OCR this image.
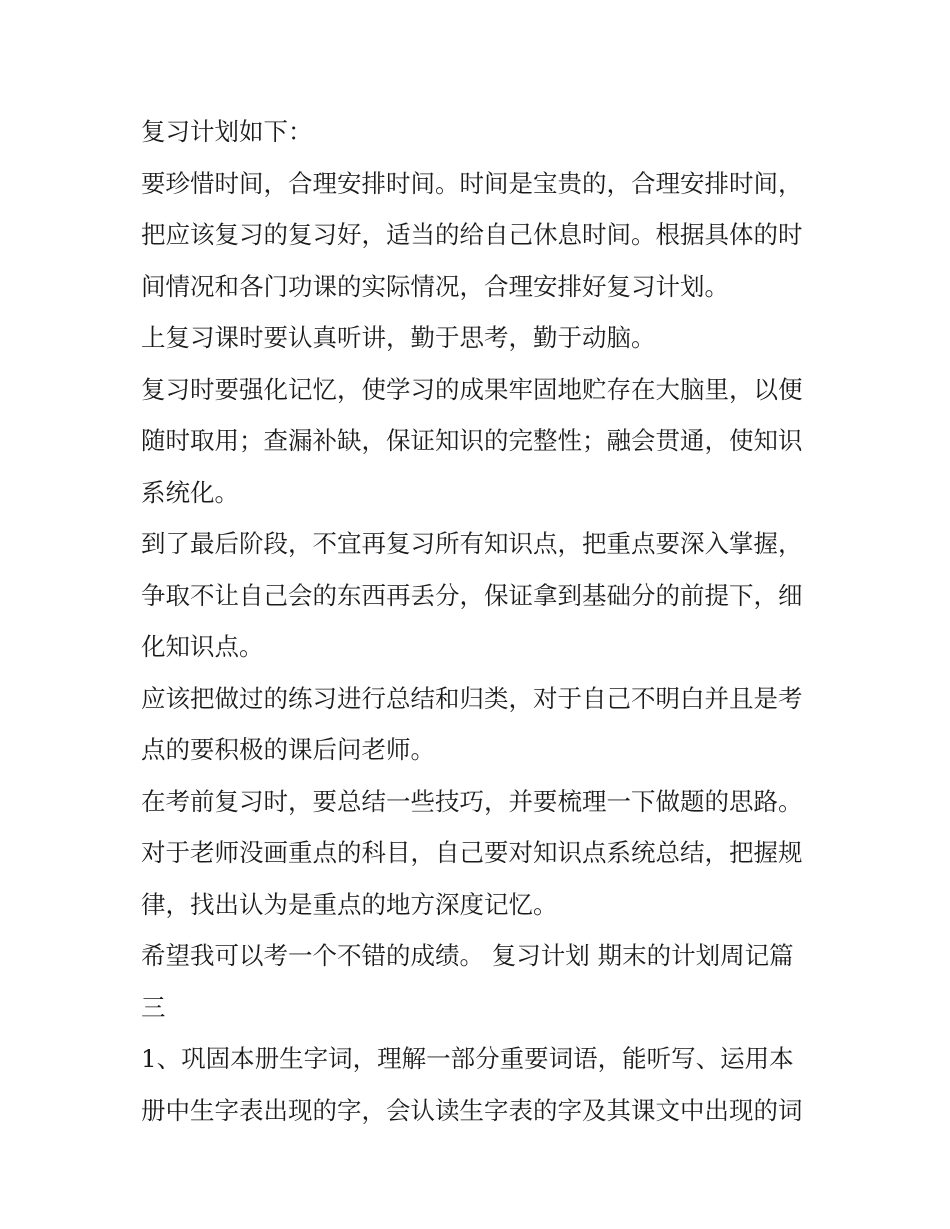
复习计划如下：
要珍惜时间，合理安排时间。时间是宝贵的，合理安排时间，
把应该复习的复习好，适当的给自己休息时间。根据具体的时
间情况和各门功课的实际情况，合理安排好复习计划。
上复习课时要认真听讲，勤于思考，勤于动脑。
复习时要强化记忆，使学习的成果牢固地贮存在大脑里，以便
随时取用；查漏补缺，保证知识的完整性；融会贯通，使知识
系统化。
到了最后阶段，不宜再复习所有知识点，把重点要深入掌握，
争取不让自己会的东西再丢分，保证拿到基础分的前提下，细
化知识点。
应该把做过的练习进行总结和归类，对于自己不明白并且是考
点的要积极的课后问老师。
在考前复习时，要总结一些技巧，并要梳理一下做题的思路。
对于老师没画重点的科目，自己要对知识点系统总结，把握规
律，找出认为是重点的地方深度记忆。
希望我可以考一个不错的成绩。 复习计划 期末的计划周记篇
三
1、巩固本册生字词，理解一部分重要词语，能听写、运用本
册中生字表出现的字，会认读生字表的字及其课文中出现的词
